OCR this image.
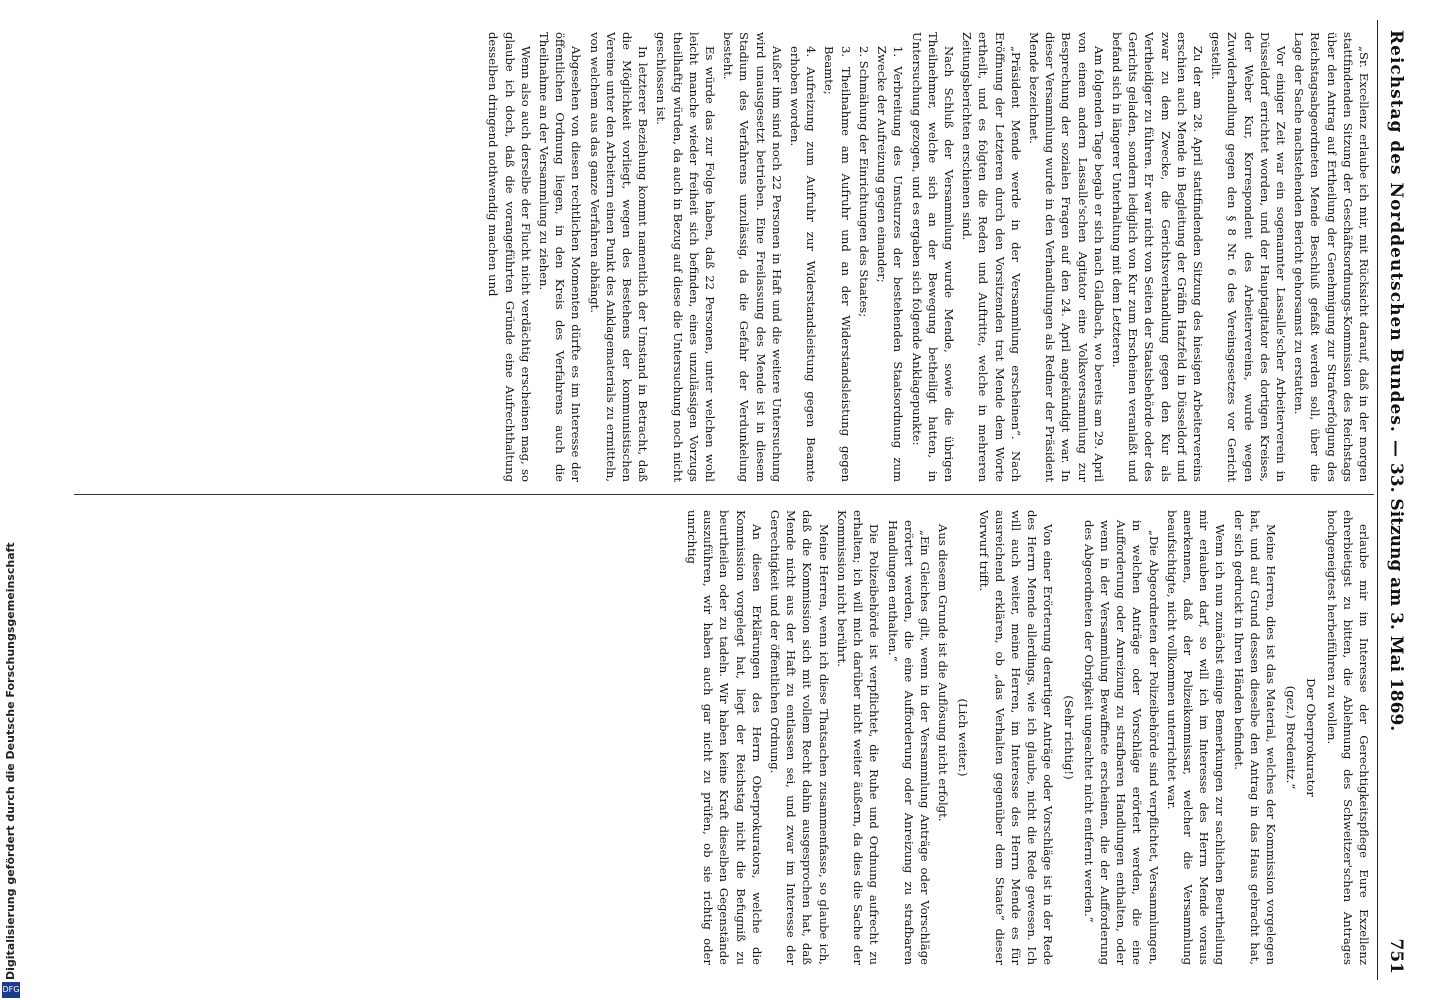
Digitalisierung gefördert durch die Deutsche Forschungsgemeinschaft
DFG
Reichstag des Norddeutschen Bundes.
— 33. Sitzung am 3. Mai 1869.
751

„Sr. Excellenz erlaube ich mir, mit Rücksicht darauf, daß in der morgen stattfindenden Sitzung der Geschäftsordnungs-Kommission des Reichstags über den Antrag auf Ertheilung der Genehmigung zur Strafverfolgung des Reichstagsabgeordneten Mende Beschluß gefaßt werden soll, über die Lage der Sache nachstehenden Bericht gehorsamst zu erstatten.

Vor einiger Zeit war ein sogenannter Lassalle'scher Arbeiterverein in Düsseldorf errichtet worden, und der Hauptagitator des dortigen Kreises, der Weber Kur, Korrespondent des Arbeitervereins, wurde wegen Zuwiderhandlung gegen den § 8 Nr. 6 des Vereinsgesetzes vor Gericht gestellt.

Zu der am 28. April stattfindenden Sitzung des hiesigen Arbeitervereins erschien auch Mende in Begleitung der Gräfin Hatzfeld in Düsseldorf und zwar zu dem Zwecke, die Gerichtsverhandlung gegen den Kur als Vertheidiger zu führen. Er war nicht von Seiten der Staatsbehörde oder des Gerichts geladen, sondern lediglich von Kur zum Erscheinen veranlaßt und befand sich in längerer Unterhaltung mit dem Letzteren.

Am folgenden Tage begab er sich nach Gladbach, wo bereits am 29. April von einem andern Lassalle'schen Agitator eine Volksversammlung zur Besprechung der sozialen Fragen auf den 24. April angekündigt war. In dieser Versammlung wurde in den Verhandlungen als Redner der Präsident Mende bezeichnet.

„Präsident Mende werde in der Versammlung erscheinen“. Nach Eröffnung der Letzteren durch den Vorsitzenden trat Mende dem Worte ertheilt, und es folgten die Reden und Auftritte, welche in mehreren Zeitungsberichten erschienen sind.

Nach Schluß der Versammlung wurde Mende, sowie die übrigen Theilnehmer, welche sich an der Bewegung betheiligt hatten, in Untersuchung gezogen, und es ergaben sich folgende Anklagepunkte:

1. Verbreitung des Umsturzes der bestehenden Staatsordnung zum Zwecke der Aufreizung gegen einander;

2. Schmähung der Einrichtungen des Staates;

3. Theilnahme am Aufruhr und an der Widerstandsleistung gegen Beamte;

4. Aufreizung zum Aufruhr zur Widerstandsleistung gegen Beamte erhoben worden.

Außer ihm sind noch 22 Personen in Haft und die weitere Untersuchung wird unausgesetzt betrieben. Eine Freilassung des Mende ist in diesem Stadium des Verfahrens unzulässig, da die Gefahr der Verdunkelung besteht.

Es würde das zur Folge haben, daß 22 Personen, unter welchen wohl leicht manche wieder freiheit sich befinden, eines unzulässigen Vorzugs theilhaftig würden, da auch in Bezug auf diese die Untersuchung noch nicht geschlossen ist.

In letzterer Beziehung kommt namentlich der Umstand in Betracht, daß die Möglichkeit vorliegt, wegen des Bestehens der kommunistischen Vereine unter den Arbeitern einen Punkt des Anklagematerials zu ermitteln, von welchem aus das ganze Verfahren abhängt.

Abgesehen von diesen rechtlichen Momenten dürfte es im Interesse der öffentlichen Ordnung liegen, in den Kreis des Verfahrens auch die Theilnahme an der Versammlung zu ziehen.

Wenn also auch derselbe der Flucht nicht verdächtig erscheinen mag, so glaube ich doch, daß die vorangeführten Gründe eine Aufrechthaltung desselben dringend nothwendig machen und

erlaube mir im Interesse der Gerechtigkeitspflege Eure Exzellenz ehrerbietigst zu bitten, die Ablehnung des Schweitzer'schen Antrages hochgeneigtest herbeiführen zu wollen.

Der Oberprokurator

(gez.) Bredenitz.“

Meine Herren, dies ist das Material, welches der Kommission vorgelegen hat, und auf Grund dessen dieselbe den Antrag in das Haus gebracht hat, der sich gedruckt in Ihren Händen befindet.

Wenn ich nun zunächst einige Bemerkungen zur sachlichen Beurtheilung mir erlauben darf, so will ich im Interesse des Herrn Mende voraus anerkennen, daß der Polizeikommissar, welcher die Versammlung beaufsichtigte, nicht vollkommen unterrichtet war.

„Die Abgeordneten der Polizeibehörde sind verpflichtet, Versammlungen, in welchen Anträge oder Vorschläge erörtert werden, die eine Aufforderung oder Anreizung zu strafbaren Handlungen enthalten, oder wenn in der Versammlung Bewaffnete erscheinen, die der Aufforderung des Abgeordneten der Obrigkeit ungeachtet nicht entfernt werden.“

(Sehr richtig!)

Von einer Erörterung derartiger Anträge oder Vorschläge ist in der Rede des Herrn Mende allerdings, wie ich glaube, nicht die Rede gewesen. Ich will auch weiter, meine Herren, im Interesse des Herrn Mende es für ausreichend erklären, ob „das Verhalten gegenüber dem Staate“ dieser Vorwurf trifft.

(Lich weiter.)

Aus diesem Grunde ist die Auflösung nicht erfolgt.

„Ein Gleiches gilt, wenn in der Versammlung Anträge oder Vorschläge erörtert werden, die eine Aufforderung oder Anreizung zu strafbaren Handlungen enthalten.“

Die Polizeibehörde ist verpflichtet, die Ruhe und Ordnung aufrecht zu erhalten; ich will mich darüber nicht weiter äußern, da dies die Sache der Kommission nicht berührt.

Meine Herren, wenn ich diese Thatsachen zusammenfasse, so glaube ich, daß die Kommission sich mit vollem Recht dahin ausgesprochen hat, daß Mende nicht aus der Haft zu entlassen sei, und zwar im Interesse der Gerechtigkeit und der öffentlichen Ordnung.

An diesen Erklärungen des Herrn Oberprokurators, welche die Kommission vorgelegt hat, liegt der Reichstag nicht die Befugniß zu beurtheilen oder zu tadeln. Wir haben keine Kraft dieselben Gegenstände auszuführen, wir haben auch gar nicht zu prüfen, ob sie richtig oder unrichtig
